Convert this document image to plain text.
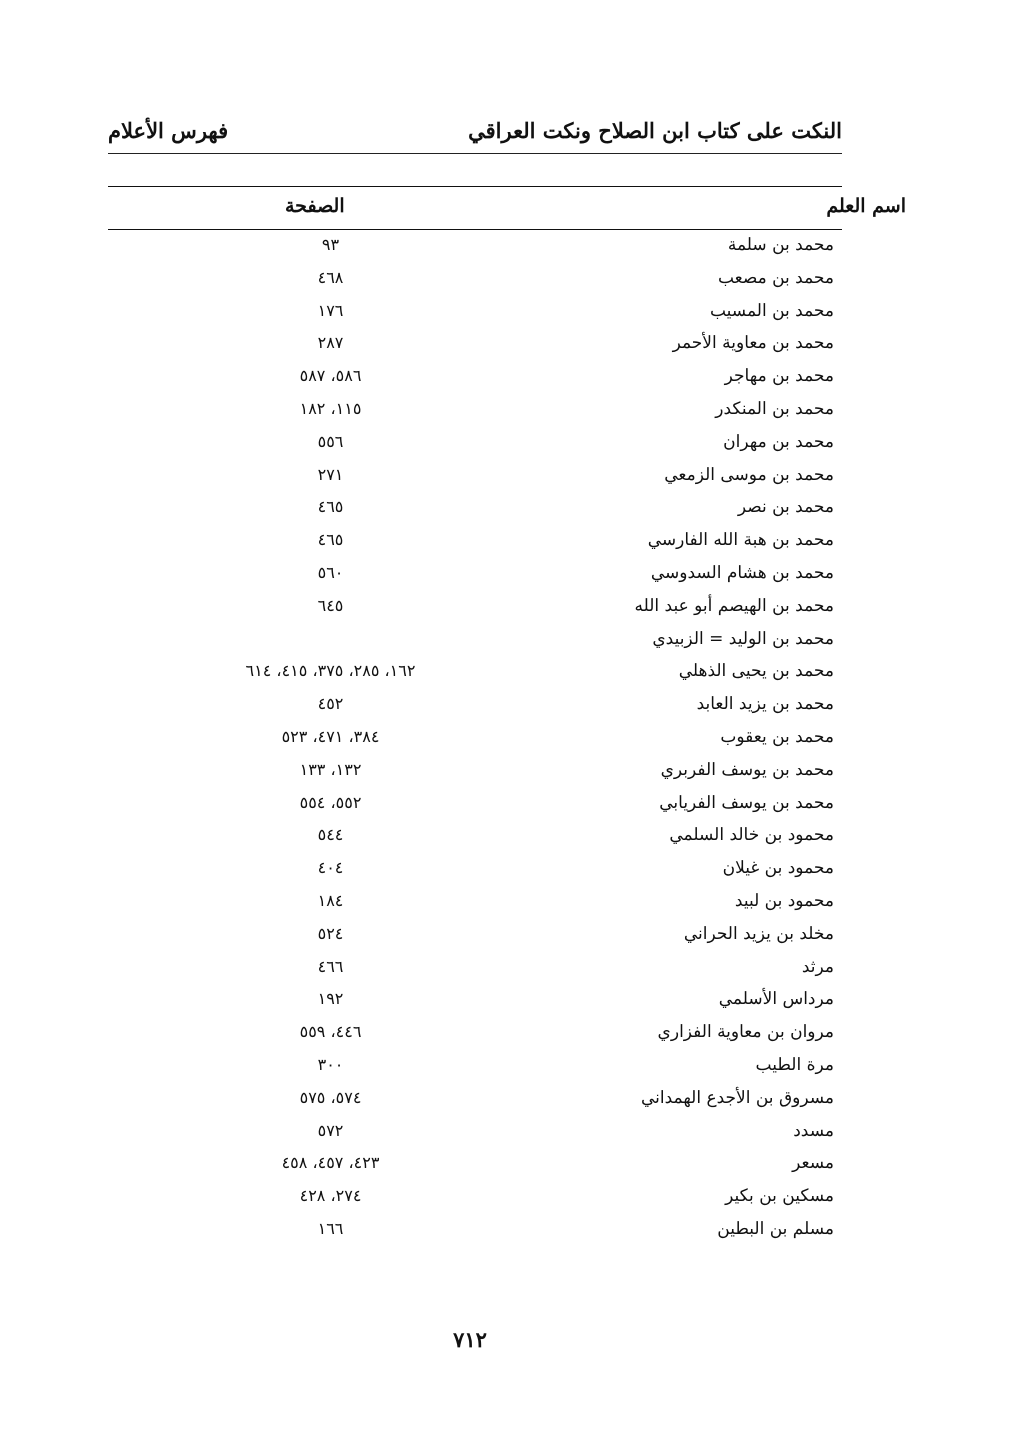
النكت على كتاب ابن الصلاح ونكت العراقي
فهرس الأعلام
اسم العلم
الصفحة
محمد بن سلمة
٩٣
محمد بن مصعب
٤٦٨
محمد بن المسيب
١٧٦
محمد بن معاوية الأحمر
٢٨٧
محمد بن مهاجر
٥٨٦، ٥٨٧
محمد بن المنكدر
١١٥، ١٨٢
محمد بن مهران
٥٥٦
محمد بن موسى الزمعي
٢٧١
محمد بن نصر
٤٦٥
محمد بن هبة الله الفارسي
٤٦٥
محمد بن هشام السدوسي
٥٦٠
محمد بن الهيصم أبو عبد الله
٦٤٥
محمد بن الوليد = الزبيدي
محمد بن يحيى الذهلي
١٦٢، ٢٨٥، ٣٧٥، ٤١٥، ٦١٤
محمد بن يزيد العابد
٤٥٢
محمد بن يعقوب
٣٨٤، ٤٧١، ٥٢٣
محمد بن يوسف الفربري
١٣٢، ١٣٣
محمد بن يوسف الفريابي
٥٥٢، ٥٥٤
محمود بن خالد السلمي
٥٤٤
محمود بن غيلان
٤٠٤
محمود بن لبيد
١٨٤
مخلد بن يزيد الحراني
٥٢٤
مرثد
٤٦٦
مرداس الأسلمي
١٩٢
مروان بن معاوية الفزاري
٤٤٦، ٥٥٩
مرة الطيب
٣٠٠
مسروق بن الأجدع الهمداني
٥٧٤، ٥٧٥
مسدد
٥٧٢
مسعر
٤٢٣، ٤٥٧، ٤٥٨
مسكين بن بكير
٢٧٤، ٤٢٨
مسلم بن البطين
١٦٦
٧١٢
